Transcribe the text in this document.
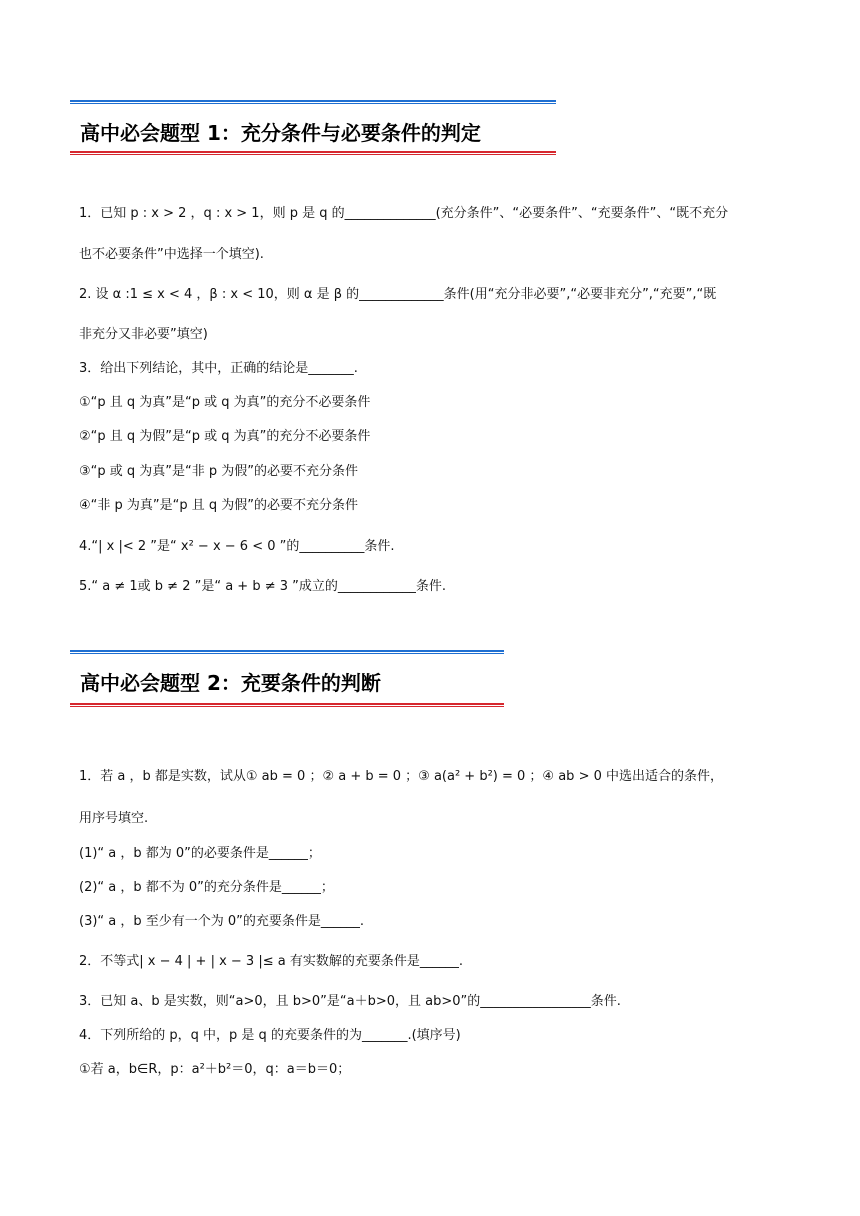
高中必会题型 1：充分条件与必要条件的判定
1．已知 p : x > 2 ，q : x > 1，则 p 是 q 的______________(充分条件”、“必要条件”、“充要条件”、“既不充分
也不必要条件”中选择一个填空).
2. 设 α :1 ≤ x < 4 ，β : x < 10，则 α 是 β 的_____________条件(用“充分非必要”,“必要非充分”,“充要”,“既
非充分又非必要”填空)
3．给出下列结论，其中，正确的结论是_______.
①“p 且 q 为真”是“p 或 q 为真”的充分不必要条件
②“p 且 q 为假”是“p 或 q 为真”的充分不必要条件
③“p 或 q 为真”是“非 p 为假”的必要不充分条件
④“非 p 为真”是“p 且 q 为假”的必要不充分条件
4.“| x |< 2 ”是“ x² − x − 6 < 0 ”的__________条件.
5.“ a ≠ 1或 b ≠ 2 ”是“ a + b ≠ 3 ”成立的____________条件.
高中必会题型 2：充要条件的判断
1．若 a ，b 都是实数，试从① ab = 0 ；② a + b = 0 ；③ a(a² + b²) = 0 ；④ ab > 0 中选出适合的条件，
用序号填空.
(1)“ a ，b 都为 0”的必要条件是______；
(2)“ a ，b 都不为 0”的充分条件是______；
(3)“ a ，b 至少有一个为 0”的充要条件是______.
2．不等式| x − 4 | + | x − 3 |≤ a 有实数解的充要条件是______.
3．已知 a、b 是实数，则“a>0，且 b>0”是“a＋b>0，且 ab>0”的_________________条件.
4．下列所给的 p，q 中，p 是 q 的充要条件的为_______.(填序号)
①若 a，b∈R，p：a²＋b²＝0，q：a＝b＝0；
